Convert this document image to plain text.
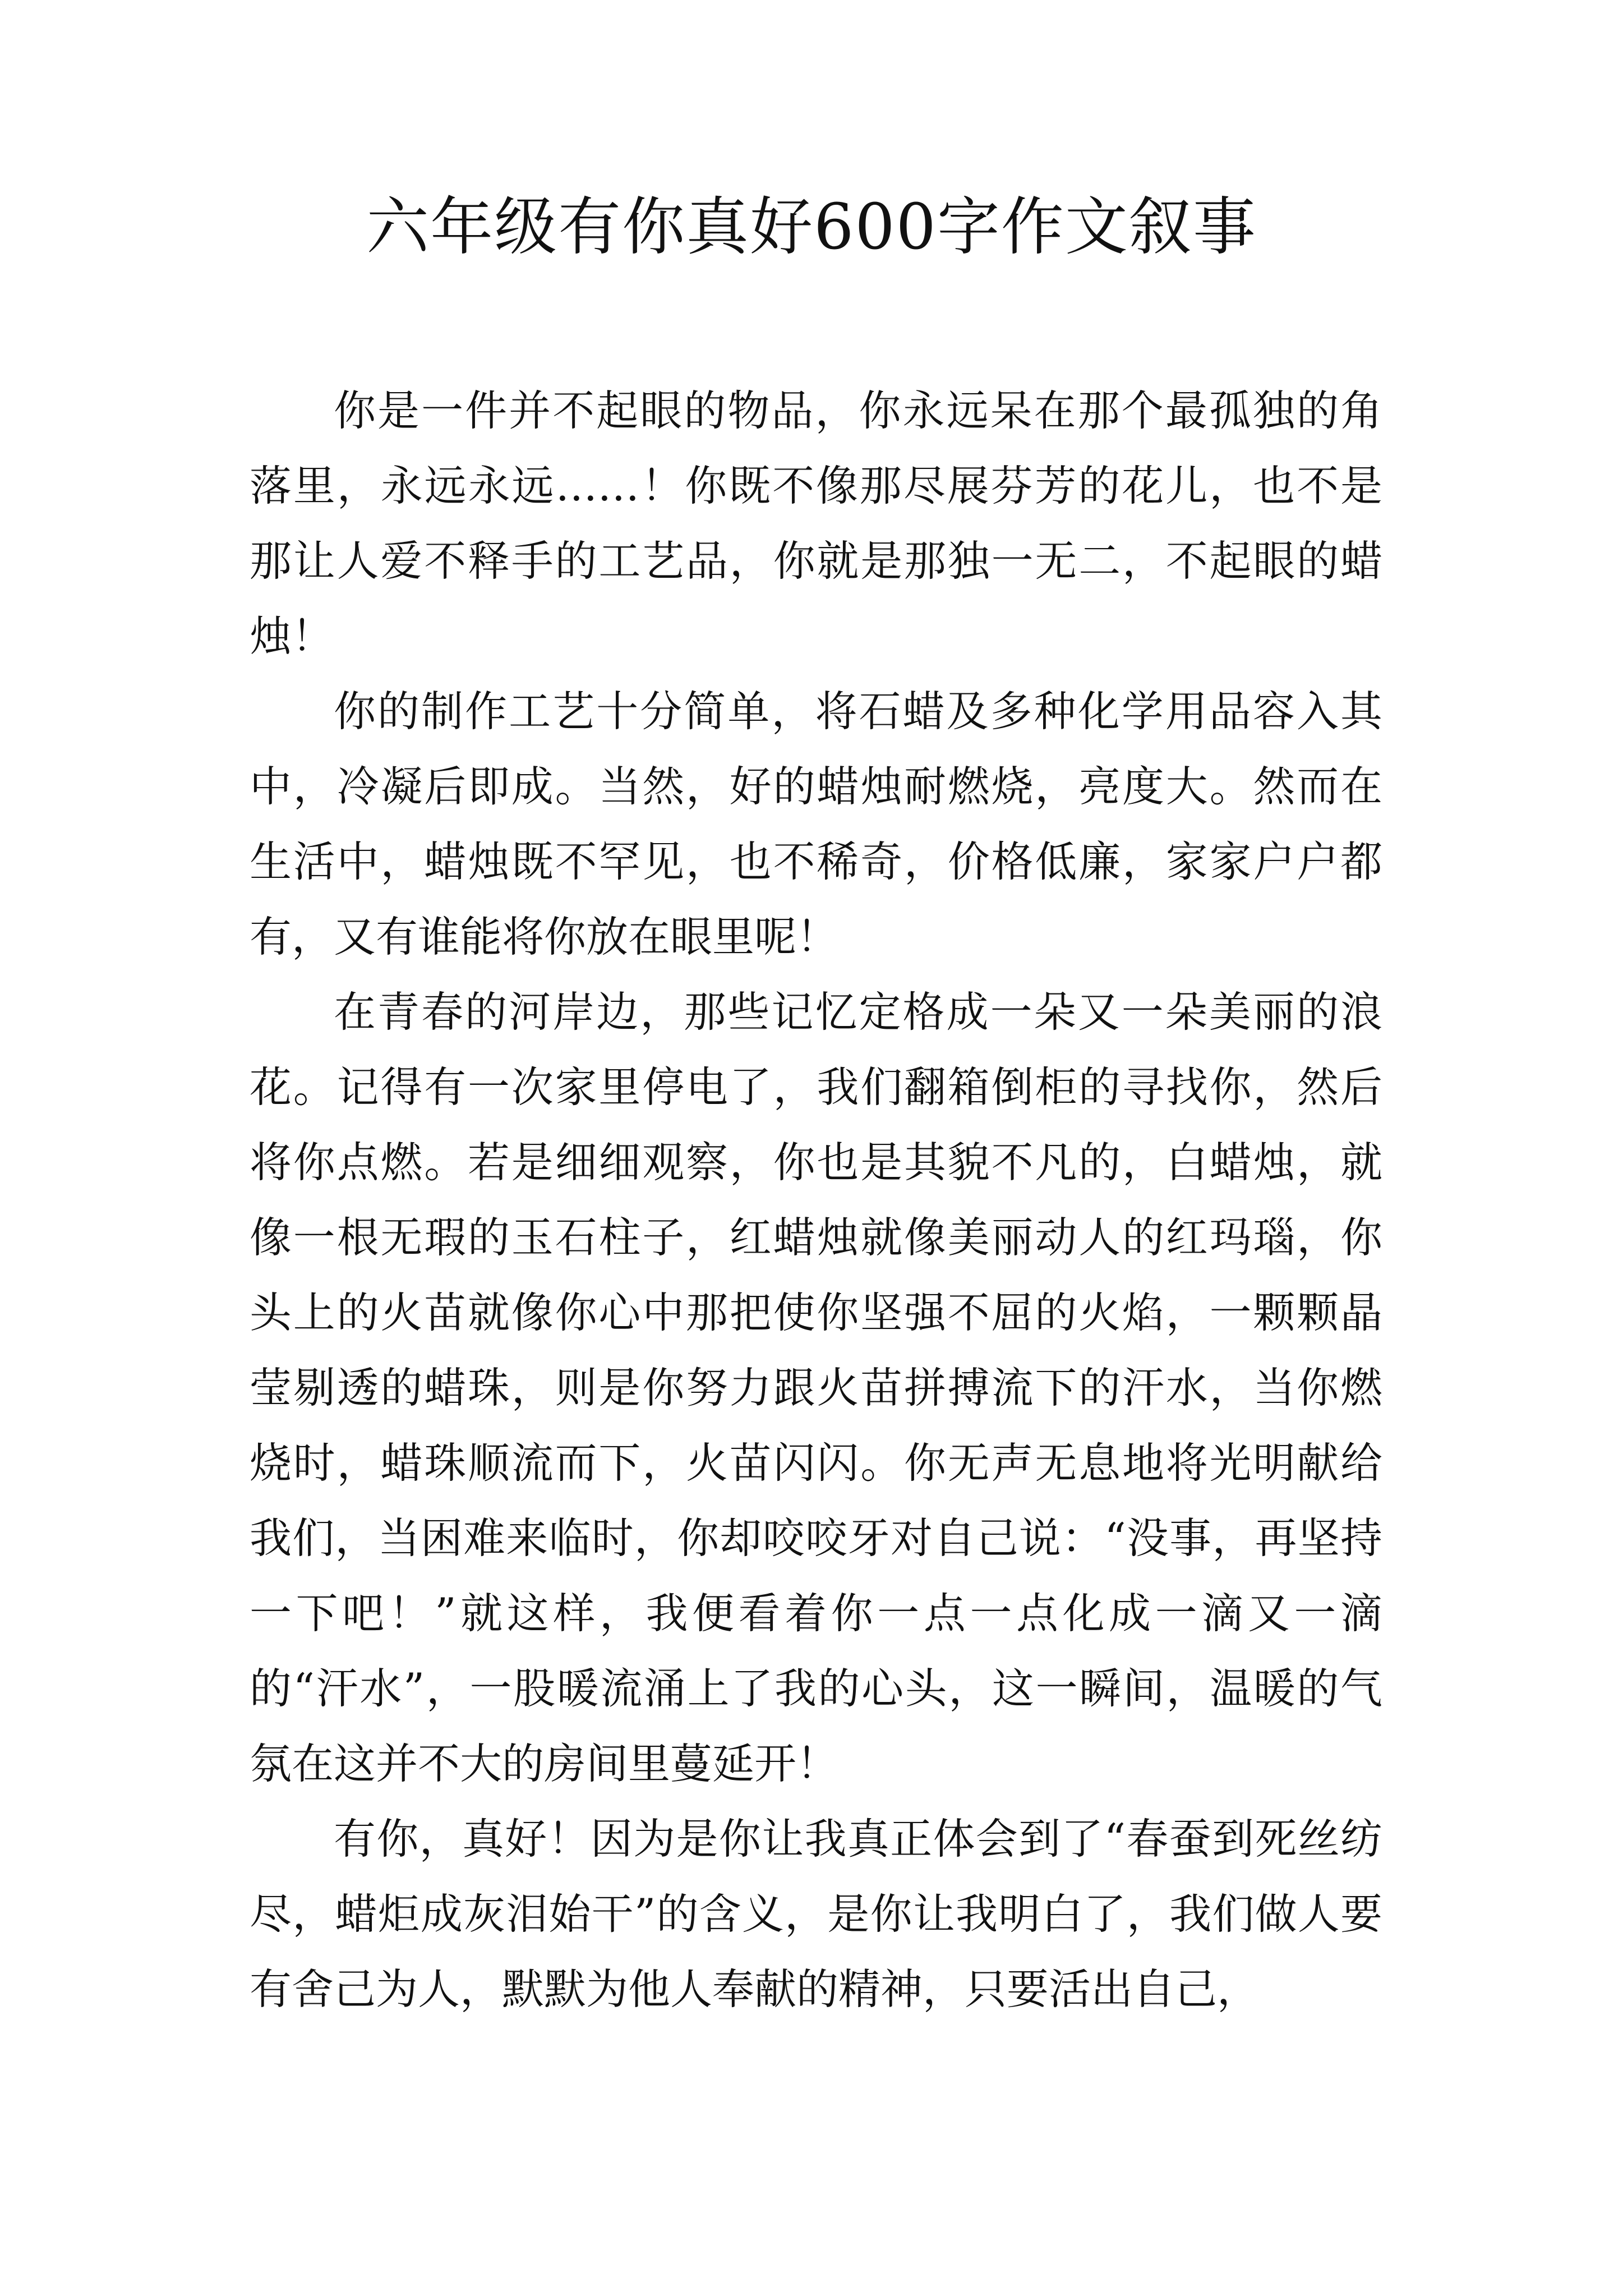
六年级有你真好600字作文叙事

你是一件并不起眼的物品，你永远呆在那个最孤独的角落里，永远永远……！你既不像那尽展芬芳的花儿，也不是那让人爱不释手的工艺品，你就是那独一无二，不起眼的蜡烛！

你的制作工艺十分简单，将石蜡及多种化学用品容入其中，冷凝后即成。当然，好的蜡烛耐燃烧，亮度大。然而在生活中，蜡烛既不罕见，也不稀奇，价格低廉，家家户户都有，又有谁能将你放在眼里呢！

在青春的河岸边，那些记忆定格成一朵又一朵美丽的浪花。记得有一次家里停电了，我们翻箱倒柜的寻找你，然后将你点燃。若是细细观察，你也是其貌不凡的，白蜡烛，就像一根无瑕的玉石柱子，红蜡烛就像美丽动人的红玛瑙，你头上的火苗就像你心中那把使你坚强不屈的火焰，一颗颗晶莹剔透的蜡珠，则是你努力跟火苗拼搏流下的汗水，当你燃烧时，蜡珠顺流而下，火苗闪闪。你无声无息地将光明献给我们，当困难来临时，你却咬咬牙对自己说：“没事，再坚持一下吧！”就这样，我便看着你一点一点化成一滴又一滴的“汗水”，一股暖流涌上了我的心头，这一瞬间，温暖的气氛在这并不大的房间里蔓延开！

有你，真好！因为是你让我真正体会到了“春蚕到死丝纺尽，蜡炬成灰泪始干”的含义，是你让我明白了，我们做人要有舍己为人，默默为他人奉献的精神，只要活出自己，
